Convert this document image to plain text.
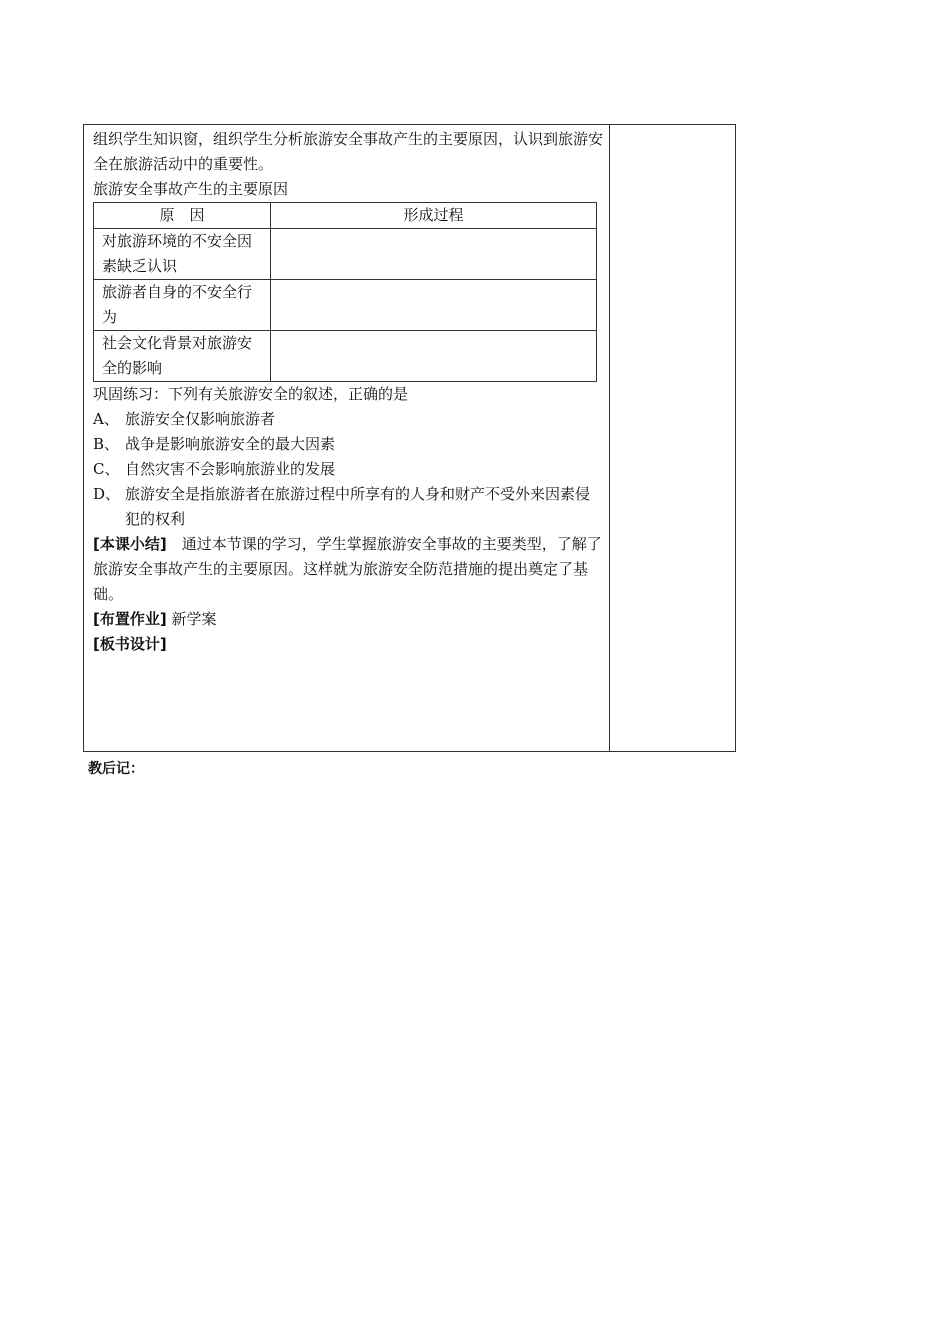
组织学生知识窗，组织学生分析旅游安全事故产生的主要原因，认识到旅游安全在旅游活动中的重要性。

旅游安全事故产生的主要原因

原　因	形成过程
对旅游环境的不安全因素缺乏认识	
旅游者自身的不安全行为	
社会文化背景对旅游安全的影响	

巩固练习：下列有关旅游安全的叙述，正确的是

A、 旅游安全仅影响旅游者
B、 战争是影响旅游安全的最大因素
C、 自然灾害不会影响旅游业的发展
D、 旅游安全是指旅游者在旅游过程中所享有的人身和财产不受外来因素侵犯的权利

[本课小结]　通过本节课的学习，学生掌握旅游安全事故的主要类型，了解了旅游安全事故产生的主要原因。这样就为旅游安全防范措施的提出奠定了基础。

[布置作业] 新学案

[板书设计]

教后记：
